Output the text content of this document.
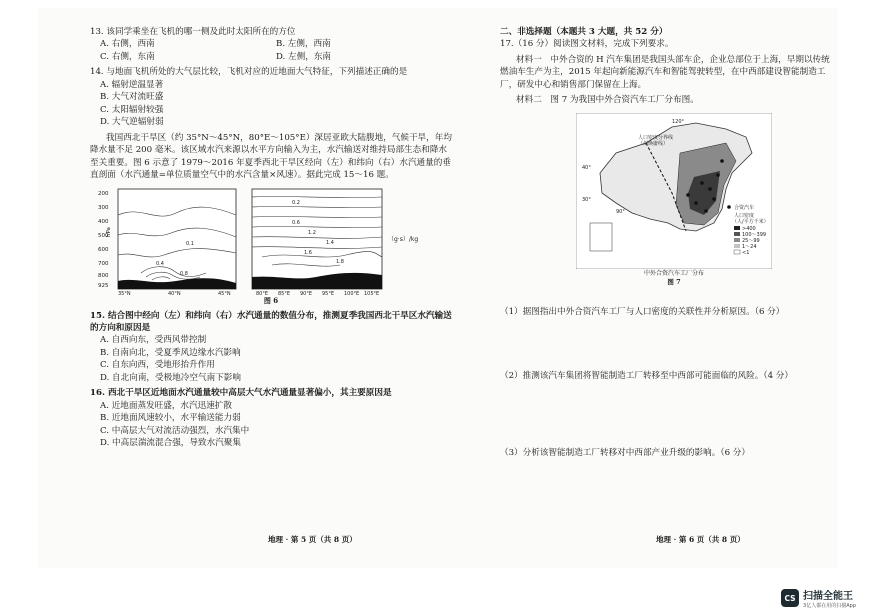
13. 该同学乘坐在飞机的哪一侧及此时太阳所在的方位
A. 右侧，西南	B. 左侧，西南
C. 右侧，东南	D. 左侧，东南
14. 与地面飞机所处的大气层比较，飞机对应的近地面大气特征，下列描述正确的是
A. 辐射逆温显著
B. 大气对流旺盛
C. 太阳辐射较强
D. 大气逆辐射弱
我国西北干旱区（约 35°N～45°N，80°E～105°E）深居亚欧大陆腹地，气候干旱，年均降水量不足 200 毫米。该区域水汽来源以水平方向输入为主，水汽输送对维持局部生态和降水至关重要。图 6 示意了 1979～2016 年夏季西北干旱区经向（左）和纬向（右）水汽通量的垂直剖面（水汽通量=单位质量空气中的水汽含量×风速）。据此完成 15～16 题。
200
300
400
500
600
700
800
925
hPa
0.1
0.4
0.8
0.2
0.6
1.2
1.4
1.6
1.8
（g·s）/kg
35°N	40°N	45°N	80°E 85°E 90°E 95°E 100°E 105°E
图 6
15. 结合图中经向（左）和纬向（右）水汽通量的数值分布，推测夏季我国西北干旱区水汽输送的方向和原因是
A. 自西向东，受西风带控制
B. 自南向北，受夏季风边缘水汽影响
C. 自东向西，受地形抬升作用
D. 自北向南，受极地冷空气南下影响
16. 西北干旱区近地面水汽通量较中高层大气水汽通量显著偏小，其主要原因是
A. 近地面蒸发旺盛，水汽迅速扩散
B. 近地面风速较小，水平输送能力弱
C. 中高层大气对流活动强烈，水汽集中
D. 中高层湍流混合强，导致水汽聚集
二、非选择题（本题共 3 大题，共 52 分）
17.（16 分）阅读图文材料，完成下列要求。
材料一　中外合资的 H 汽车集团是我国头部车企，企业总部位于上海，早期以传统燃油车生产为主，2015 年起向新能源汽车和智能驾驶转型，在中西部建设智能制造工厂，研发中心和销售部门保留在上海。
材料二　图 7 为我国中外合资汽车工厂分布图。
120°
40°
30°
人口密度分界线
（胡焕庸线）
90°
合资汽车
人口密度
（人/平方千米）
>400
100～399
25～99
1～24
<1
中外合资汽车工厂分布
图 7
（1）据图指出中外合资汽车工厂与人口密度的关联性并分析原因。（6 分）
（2）推测该汽车集团将智能制造工厂转移至中西部可能面临的风险。（4 分）
（3）分析该智能制造工厂转移对中西部产业升级的影响。（6 分）
地理 · 第 5 页（共 8 页）	地理 · 第 6 页（共 8 页）
CS 扫描全能王
3亿人都在用的扫描App
